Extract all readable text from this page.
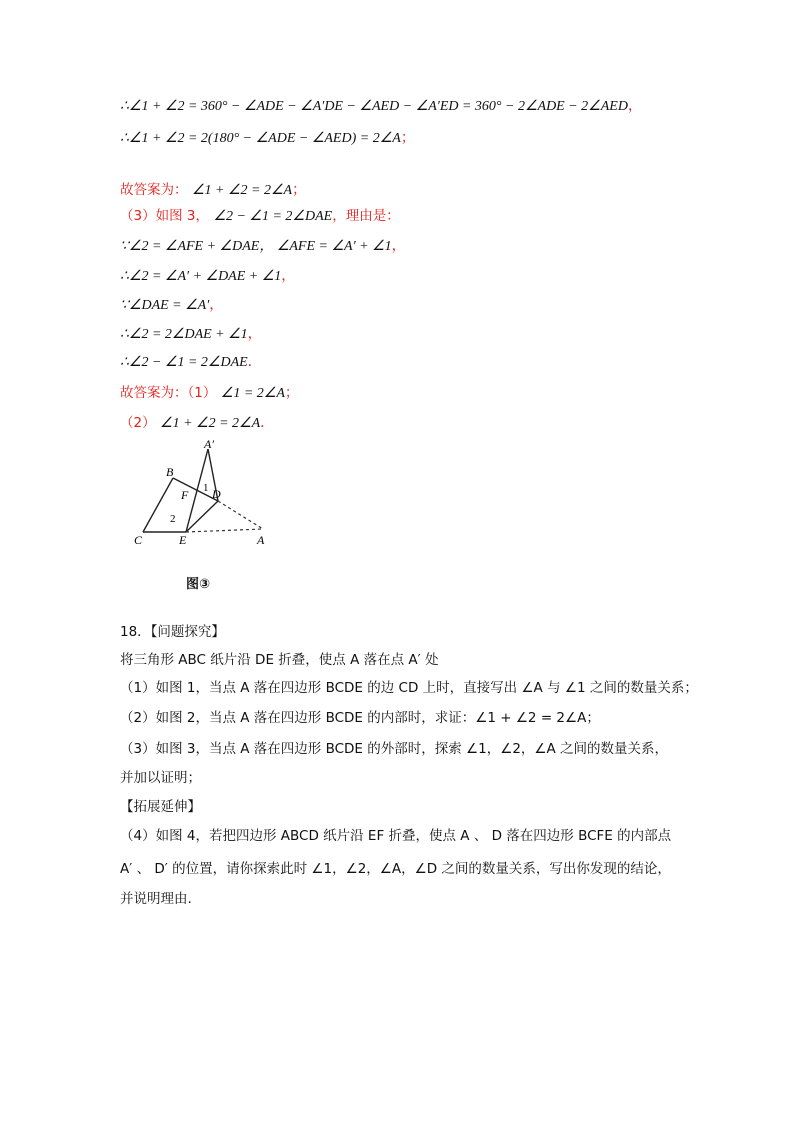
∴∠1 + ∠2 = 360° − ∠ADE − ∠A′DE − ∠AED − ∠A′ED = 360° − 2∠ADE − 2∠AED，
∴∠1 + ∠2 = 2(180° − ∠ADE − ∠AED) = 2∠A；
故答案为： ∠1 + ∠2 = 2∠A；
（3）如图 3， ∠2 − ∠1 = 2∠DAE，理由是：
∵∠2 = ∠AFE + ∠DAE， ∠AFE = ∠A′ + ∠1，
∴∠2 = ∠A′ + ∠DAE + ∠1，
∵∠DAE = ∠A′，
∴∠2 = 2∠DAE + ∠1，
∴∠2 − ∠1 = 2∠DAE．
故答案为：（1） ∠1 = 2∠A；
（2） ∠1 + ∠2 = 2∠A．
A′
B
F 1 D
2
C	E	A
图③
18．【问题探究】
将三角形 ABC 纸片沿 DE 折叠，使点 A 落在点 A′ 处
（1）如图 1，当点 A 落在四边形 BCDE 的边 CD 上时，直接写出 ∠A 与 ∠1 之间的数量关系；
（2）如图 2，当点 A 落在四边形 BCDE 的内部时，求证：∠1 + ∠2 = 2∠A；
（3）如图 3，当点 A 落在四边形 BCDE 的外部时，探索 ∠1，∠2，∠A 之间的数量关系，
并加以证明；
【拓展延伸】
（4）如图 4，若把四边形 ABCD 纸片沿 EF 折叠，使点 A 、 D 落在四边形 BCFE 的内部点
A′ 、 D′ 的位置，请你探索此时 ∠1，∠2，∠A，∠D 之间的数量关系，写出你发现的结论，
并说明理由.
